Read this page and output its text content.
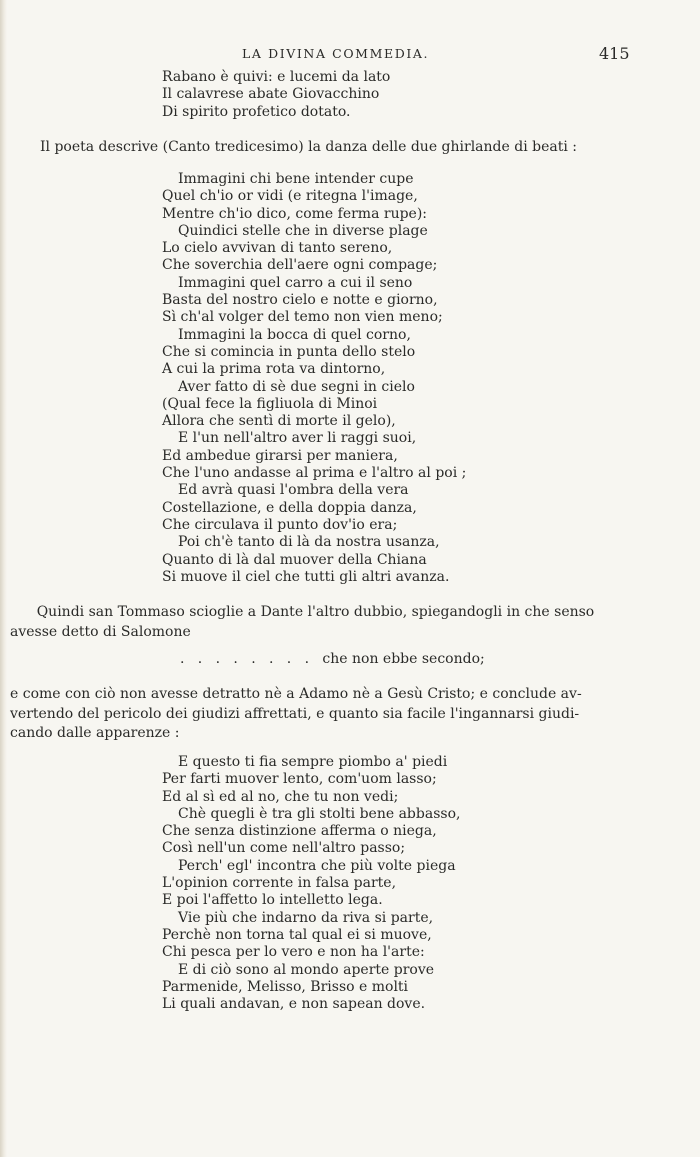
LA DIVINA COMMEDIA.	415
Rabano è quivi: e lucemi da lato
Il calavrese abate Giovacchino
Di spirito profetico dotato.
Il poeta descrive (Canto tredicesimo) la danza delle due ghirlande di beati :
Immagini chi bene intender cupe
Quel ch'io or vidi (e ritegna l'image,
Mentre ch'io dico, come ferma rupe):
Quindici stelle che in diverse plage
Lo cielo avvivan di tanto sereno,
Che soverchia dell'aere ogni compage;
Immagini quel carro a cui il seno
Basta del nostro cielo e notte e giorno,
Sì ch'al volger del temo non vien meno;
Immagini la bocca di quel corno,
Che si comincia in punta dello stelo
A cui la prima rota va dintorno,
Aver fatto di sè due segni in cielo
(Qual fece la figliuola di Minoi
Allora che sentì di morte il gelo),
E l'un nell'altro aver li raggi suoi,
Ed ambedue girarsi per maniera,
Che l'uno andasse al prima e l'altro al poi ;
Ed avrà quasi l'ombra della vera
Costellazione, e della doppia danza,
Che circulava il punto dov'io era;
Poi ch'è tanto di là da nostra usanza,
Quanto di là dal muover della Chiana
Si muove il ciel che tutti gli altri avanza.
Quindi san Tommaso scioglie a Dante l'altro dubbio, spiegandogli in che senso
avesse detto di Salomone
.   .   .   .   .   .   .   .   che non ebbe secondo;
e come con ciò non avesse detratto nè a Adamo nè a Gesù Cristo; e conclude av-
vertendo del pericolo dei giudizi affrettati, e quanto sia facile l'ingannarsi giudi-
cando dalle apparenze :
E questo ti fia sempre piombo a' piedi
Per farti muover lento, com'uom lasso;
Ed al sì ed al no, che tu non vedi;
Chè quegli è tra gli stolti bene abbasso,
Che senza distinzione afferma o niega,
Così nell'un come nell'altro passo;
Perch' egl' incontra che più volte piega
L'opinion corrente in falsa parte,
E poi l'affetto lo intelletto lega.
Vie più che indarno da riva si parte,
Perchè non torna tal qual ei si muove,
Chi pesca per lo vero e non ha l'arte:
E di ciò sono al mondo aperte prove
Parmenide, Melisso, Brisso e molti
Li quali andavan, e non sapean dove.
